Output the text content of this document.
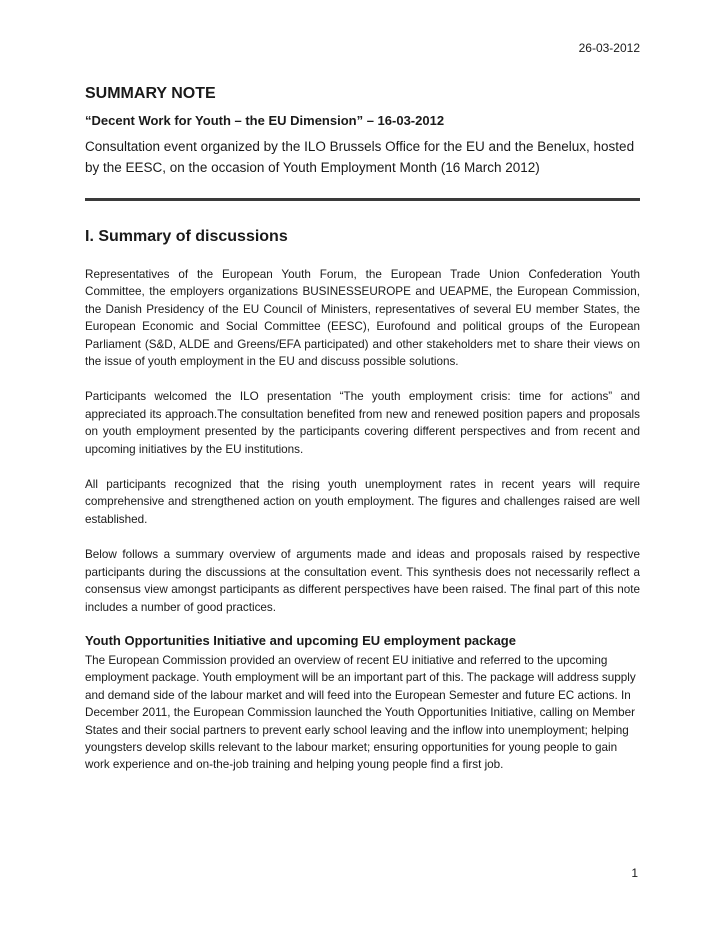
26-03-2012
SUMMARY NOTE
“Decent Work for Youth – the EU Dimension” – 16-03-2012

Consultation event organized by the ILO Brussels Office for the EU and the Benelux, hosted by the EESC, on the occasion of Youth Employment Month (16 March 2012)

I. Summary of discussions

Representatives of the European Youth Forum, the European Trade Union Confederation Youth Committee, the employers organizations BUSINESSEUROPE and UEAPME, the European Commission, the Danish Presidency of the EU Council of Ministers, representatives of several EU member States, the European Economic and Social Committee (EESC), Eurofound and political groups of the European Parliament (S&D, ALDE and Greens/EFA participated) and other stakeholders met to share their views on the issue of youth employment in the EU and discuss possible solutions.

Participants welcomed the ILO presentation “The youth employment crisis: time for actions” and appreciated its approach.The consultation benefited from new and renewed position papers and proposals on youth employment presented by the participants covering different perspectives and from recent and upcoming initiatives by the EU institutions.

All participants recognized that the rising youth unemployment rates in recent years will require comprehensive and strengthened action on youth employment. The figures and challenges raised are well established.

Below follows a summary overview of arguments made and ideas and proposals raised by respective participants during the discussions at the consultation event. This synthesis does not necessarily reflect a consensus view amongst participants as different perspectives have been raised. The final part of this note includes a number of good practices.

Youth Opportunities Initiative and upcoming EU employment package

The European Commission provided an overview of recent EU initiative and referred to the upcoming employment package. Youth employment will be an important part of this. The package will address supply and demand side of the labour market and will feed into the European Semester and future EC actions. In December 2011, the European Commission launched the Youth Opportunities Initiative, calling on Member States and their social partners to prevent early school leaving and the inflow into unemployment; helping youngsters develop skills relevant to the labour market; ensuring opportunities for young people to gain work experience and on-the-job training and helping young people find a first job.

1
